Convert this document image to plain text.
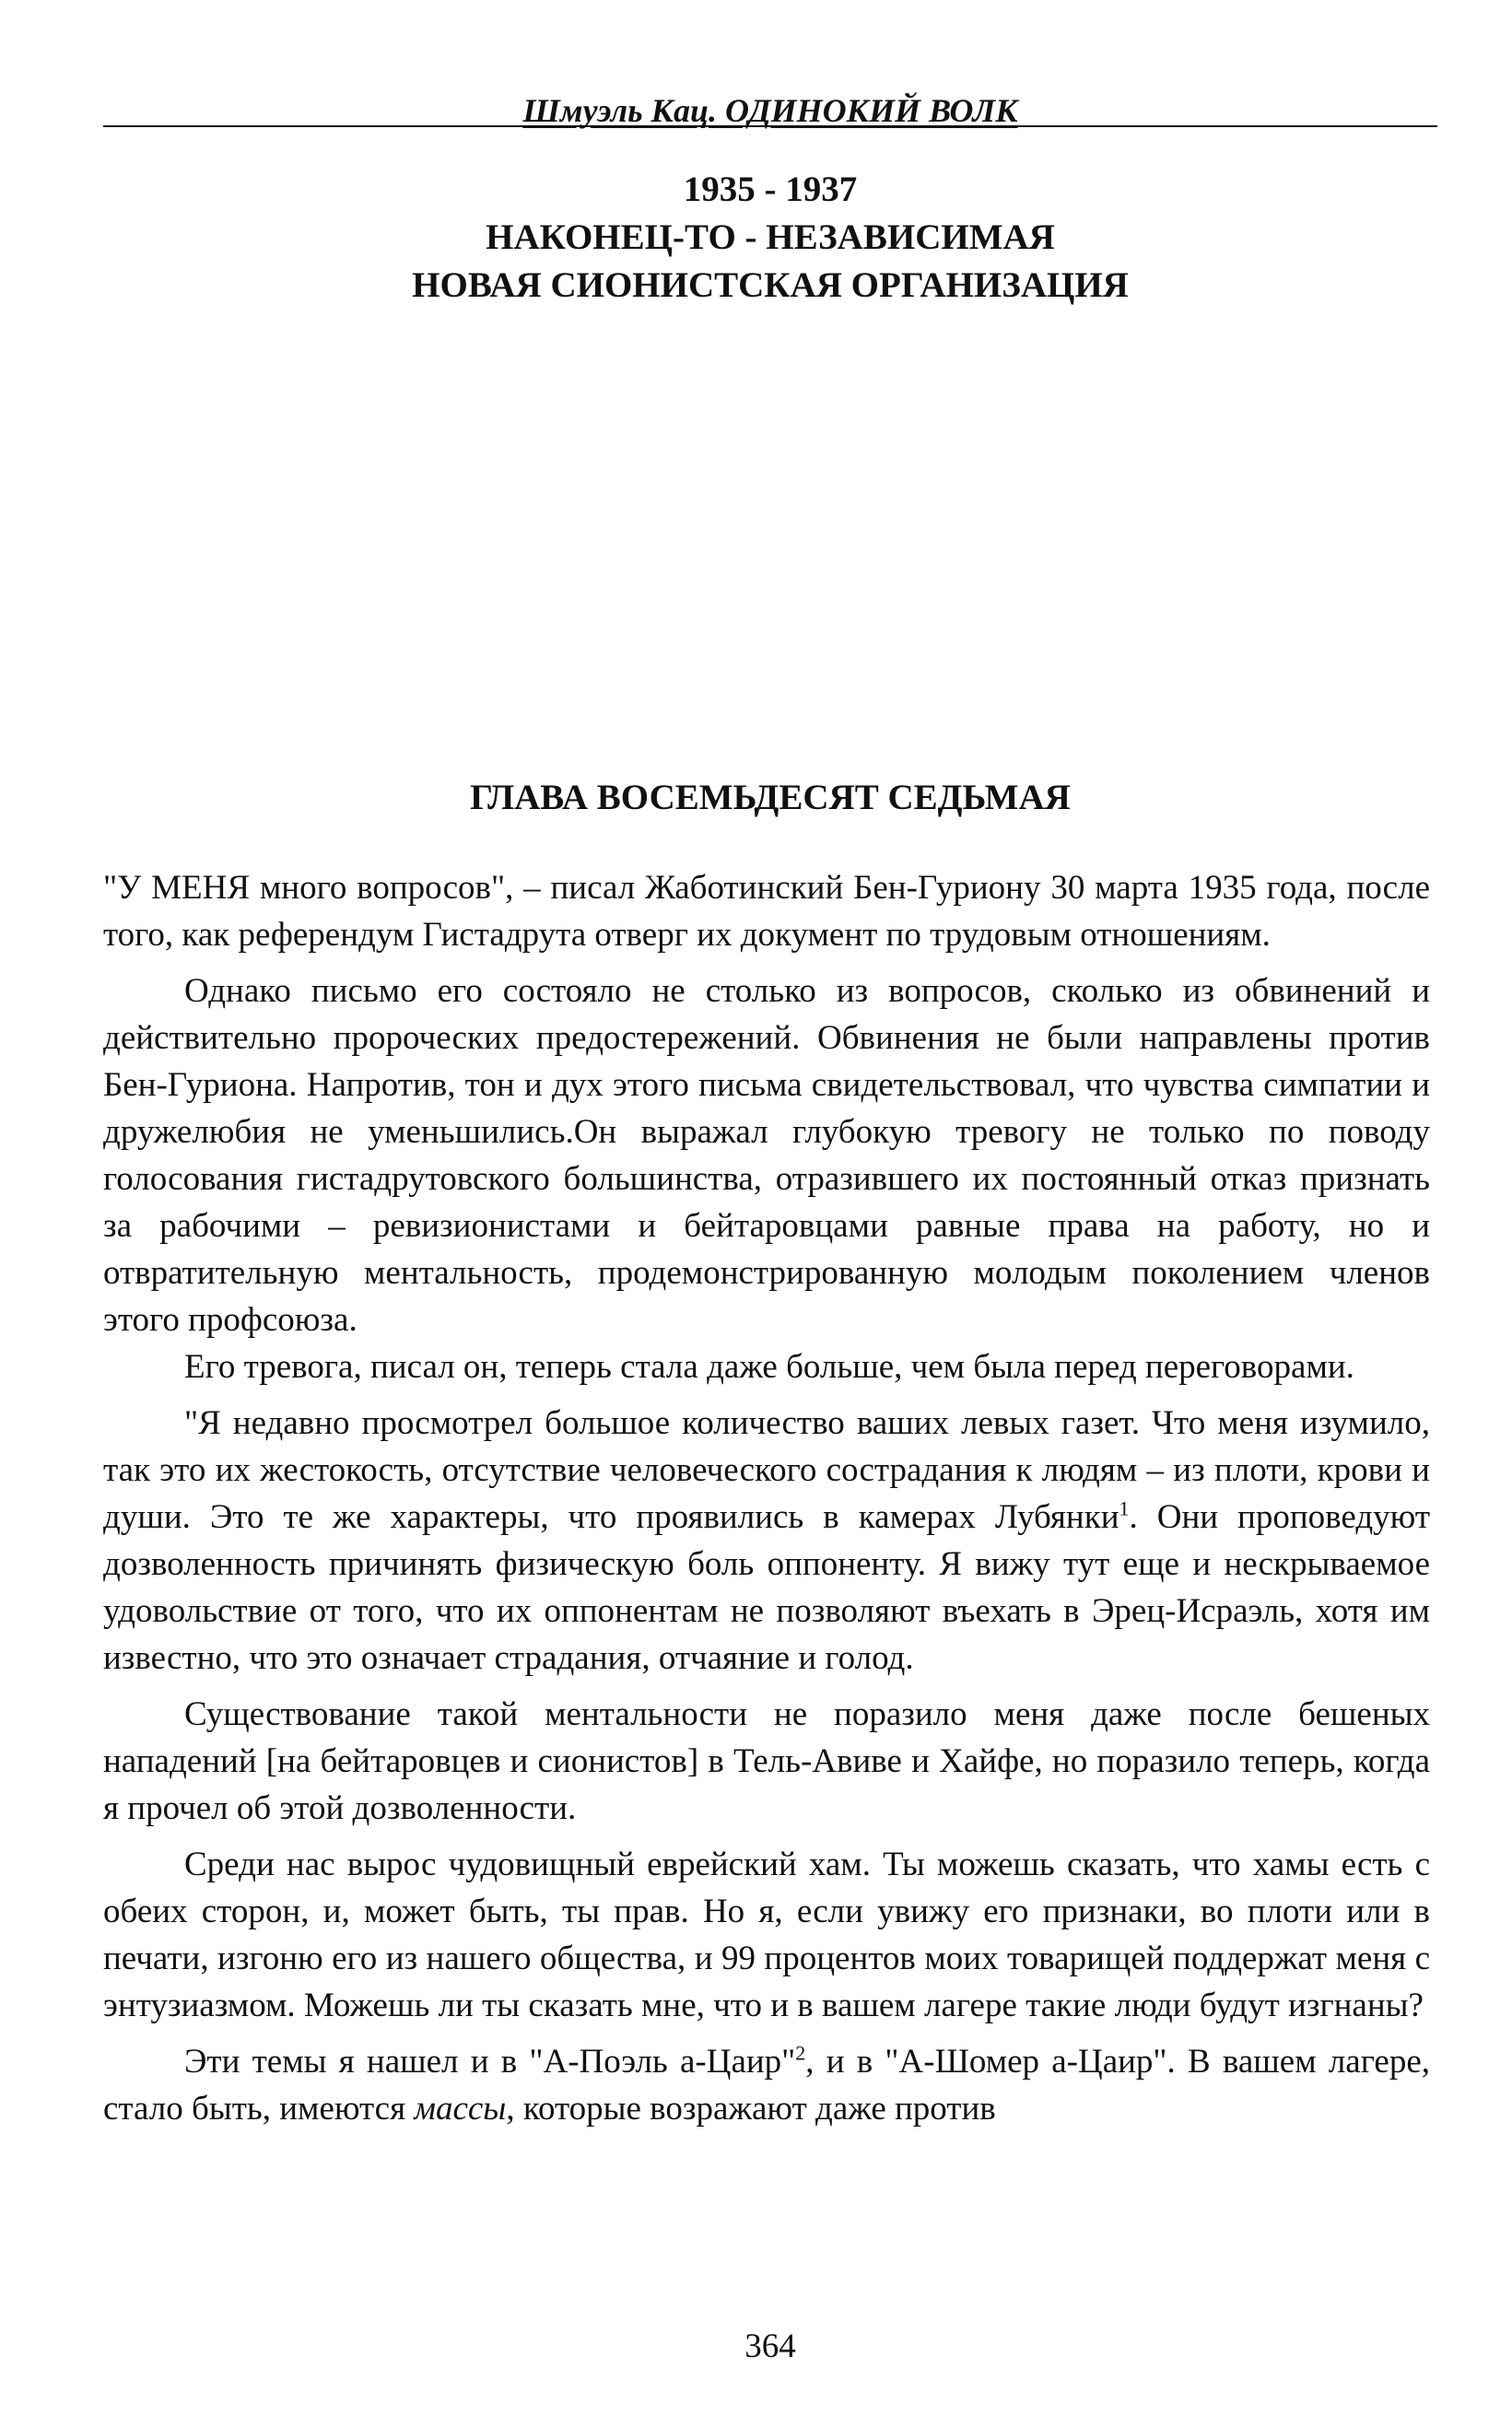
Шмуэль Кац. ОДИНОКИЙ ВОЛК
1935 - 1937
НАКОНЕЦ-ТО - НЕЗАВИСИМАЯ
НОВАЯ СИОНИСТСКАЯ ОРГАНИЗАЦИЯ
ГЛАВА ВОСЕМЬДЕСЯТ СЕДЬМАЯ

"У МЕНЯ много вопросов", – писал Жаботинский Бен-Гуриону 30 марта 1935 года, после того, как референдум Гистадрута отверг их документ по трудовым отношениям.

Однако письмо его состояло не столько из вопросов, сколько из обвинений и действительно пророческих предостережений. Обвинения не были направлены против Бен-Гуриона. Напротив, тон и дух этого письма свидетельствовал, что чувства симпатии и дружелюбия не уменьшились.Он выражал глубокую тревогу не только по поводу голосования гистадрутовского большинства, отразившего их постоянный отказ признать за рабочими – ревизионистами и бейтаровцами равные права на работу, но и отвратительную ментальность, продемонстрированную молодым поколением членов этого профсоюза.

Его тревога, писал он, теперь стала даже больше, чем была перед переговорами.

"Я недавно просмотрел большое количество ваших левых газет. Что меня изумило, так это их жестокость, отсутствие человеческого сострадания к людям – из плоти, крови и души. Это те же характеры, что проявились в камерах Лубянки$^1$. Они проповедуют дозволенность причинять физическую боль оппоненту. Я вижу тут еще и нескрываемое удовольствие от того, что их оппонентам не позволяют въехать в Эрец-Исраэль, хотя им известно, что это означает страдания, отчаяние и голод.

Существование такой ментальности не поразило меня даже после бешеных нападений [на бейтаровцев и сионистов] в Тель-Авиве и Хайфе, но поразило теперь, когда я прочел об этой дозволенности.

Среди нас вырос чудовищный еврейский хам. Ты можешь сказать, что хамы есть с обеих сторон, и, может быть, ты прав. Но я, если увижу его признаки, во плоти или в печати, изгоню его из нашего общества, и 99 процентов моих товарищей поддержат меня с энтузиазмом. Можешь ли ты сказать мне, что и в вашем лагере такие люди будут изгнаны?

Эти темы я нашел и в "А-Поэль а-Цаир"$^2$, и в "А-Шомер а-Цаир". В вашем лагере, стало быть, имеются массы, которые возражают даже против

364
